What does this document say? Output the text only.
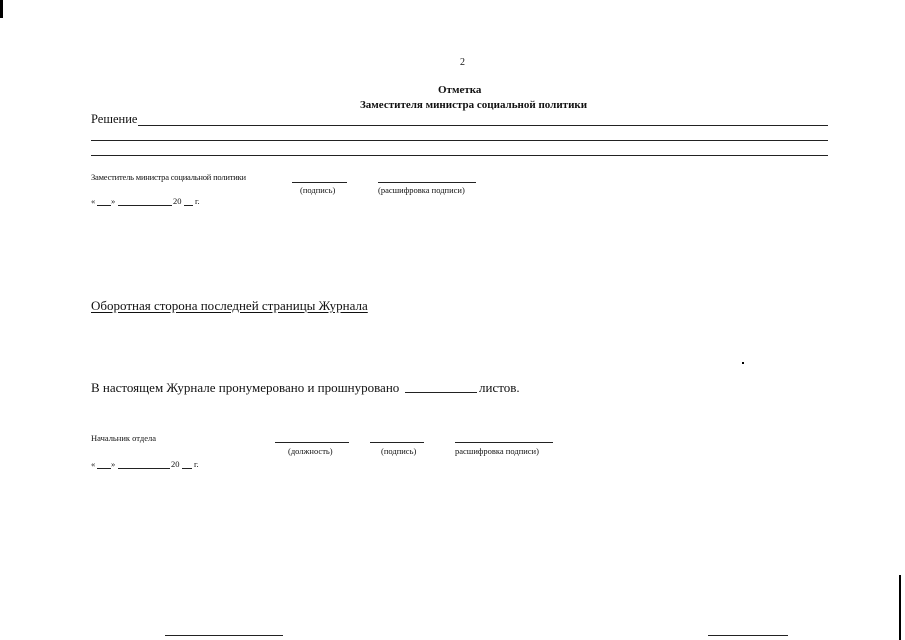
2
Отметка
Заместителя министра социальной политики
Решение
Заместитель министра социальной политики
(подпись)	(расшифровка подписи)
« »	20 г.
Оборотная сторона последней страницы Журнала
В настоящем Журнале пронумеровано и прошнуровано	листов.
Начальник отдела
(должность)	(подпись)	расшифровка подписи)
« »	20 г.
